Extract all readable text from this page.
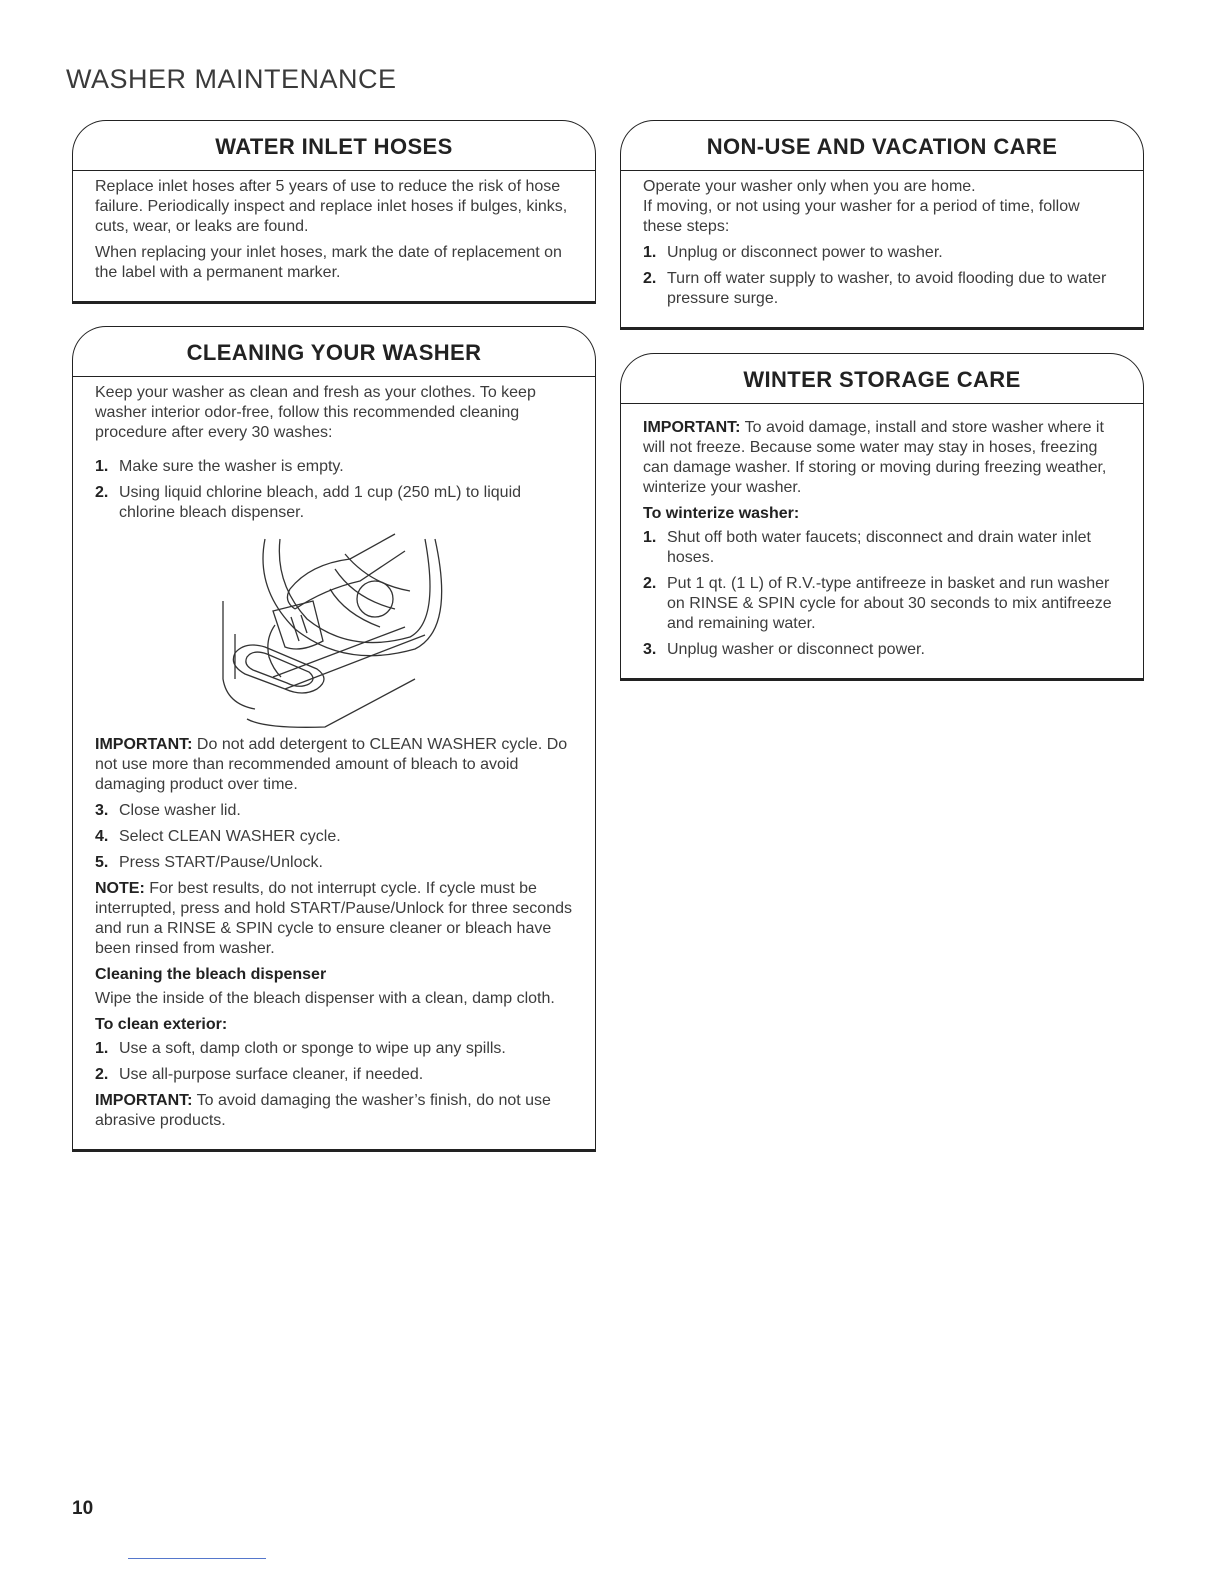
WASHER MAINTENANCE
WATER INLET HOSES

Replace inlet hoses after 5 years of use to reduce the risk of hose failure. Periodically inspect and replace inlet hoses if bulges, kinks, cuts, wear, or leaks are found.

When replacing your inlet hoses, mark the date of replacement on the label with a permanent marker.

CLEANING YOUR WASHER

Keep your washer as clean and fresh as your clothes. To keep washer interior odor-free, follow this recommended cleaning procedure after every 30 washes:

1. Make sure the washer is empty.
2. Using liquid chlorine bleach, add 1 cup (250 mL) to liquid chlorine bleach dispenser.

IMPORTANT: Do not add detergent to CLEAN WASHER cycle. Do not use more than recommended amount of bleach to avoid damaging product over time.

3. Close washer lid.
4. Select CLEAN WASHER cycle.
5. Press START/Pause/Unlock.

NOTE: For best results, do not interrupt cycle. If cycle must be interrupted, press and hold START/Pause/Unlock for three seconds and run a RINSE & SPIN cycle to ensure cleaner or bleach have been rinsed from washer.

Cleaning the bleach dispenser

Wipe the inside of the bleach dispenser with a clean, damp cloth.

To clean exterior:

1. Use a soft, damp cloth or sponge to wipe up any spills.
2. Use all-purpose surface cleaner, if needed.

IMPORTANT: To avoid damaging the washer’s finish, do not use abrasive products.

NON-USE AND VACATION CARE

Operate your washer only when you are home.

If moving, or not using your washer for a period of time, follow these steps:

1. Unplug or disconnect power to washer.
2. Turn off water supply to washer, to avoid flooding due to water pressure surge.
WINTER STORAGE CARE

IMPORTANT: To avoid damage, install and store washer where it will not freeze. Because some water may stay in hoses, freezing can damage washer. If storing or moving during freezing weather, winterize your washer.

To winterize washer:

1. Shut off both water faucets; disconnect and drain water inlet hoses.
2. Put 1 qt. (1 L) of R.V.-type antifreeze in basket and run washer on RINSE & SPIN cycle for about 30 seconds to mix antifreeze and remaining water.
3. Unplug washer or disconnect power.
10
